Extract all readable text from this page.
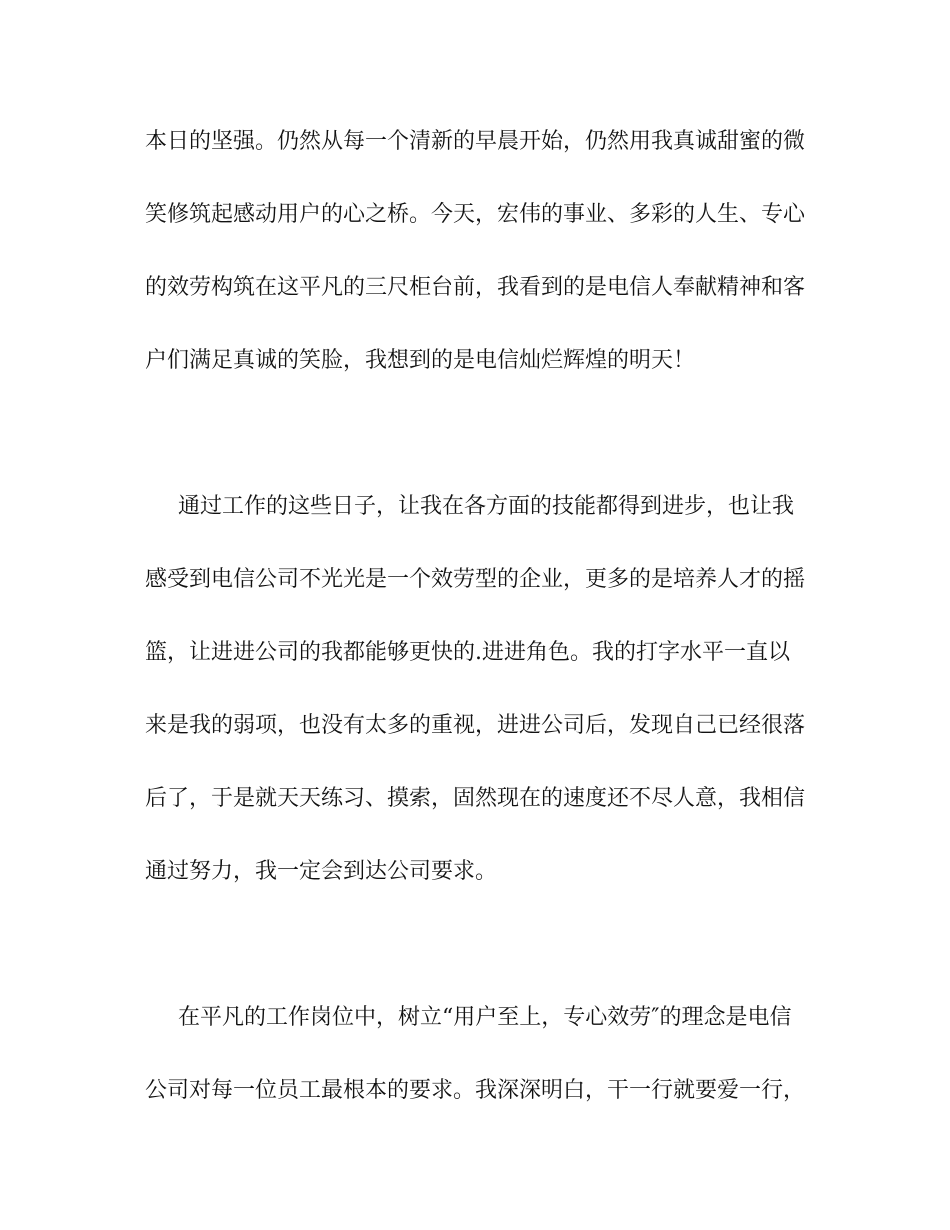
本日的坚强。仍然从每一个清新的早晨开始，仍然用我真诚甜蜜的微
笑修筑起感动用户的心之桥。今天，宏伟的事业、多彩的人生、专心
的效劳构筑在这平凡的三尺柜台前，我看到的是电信人奉献精神和客
户们满足真诚的笑脸，我想到的是电信灿烂辉煌的明天！
通过工作的这些日子，让我在各方面的技能都得到进步，也让我
感受到电信公司不光光是一个效劳型的企业，更多的是培养人才的摇
篮，让进进公司的我都能够更快的.进进角色。我的打字水平一直以
来是我的弱项，也没有太多的重视，进进公司后，发现自己已经很落
后了，于是就天天练习、摸索，固然现在的速度还不尽人意，我相信
通过努力，我一定会到达公司要求。
在平凡的工作岗位中，树立“用户至上，专心效劳″的理念是电信
公司对每一位员工最根本的要求。我深深明白，干一行就要爱一行，
